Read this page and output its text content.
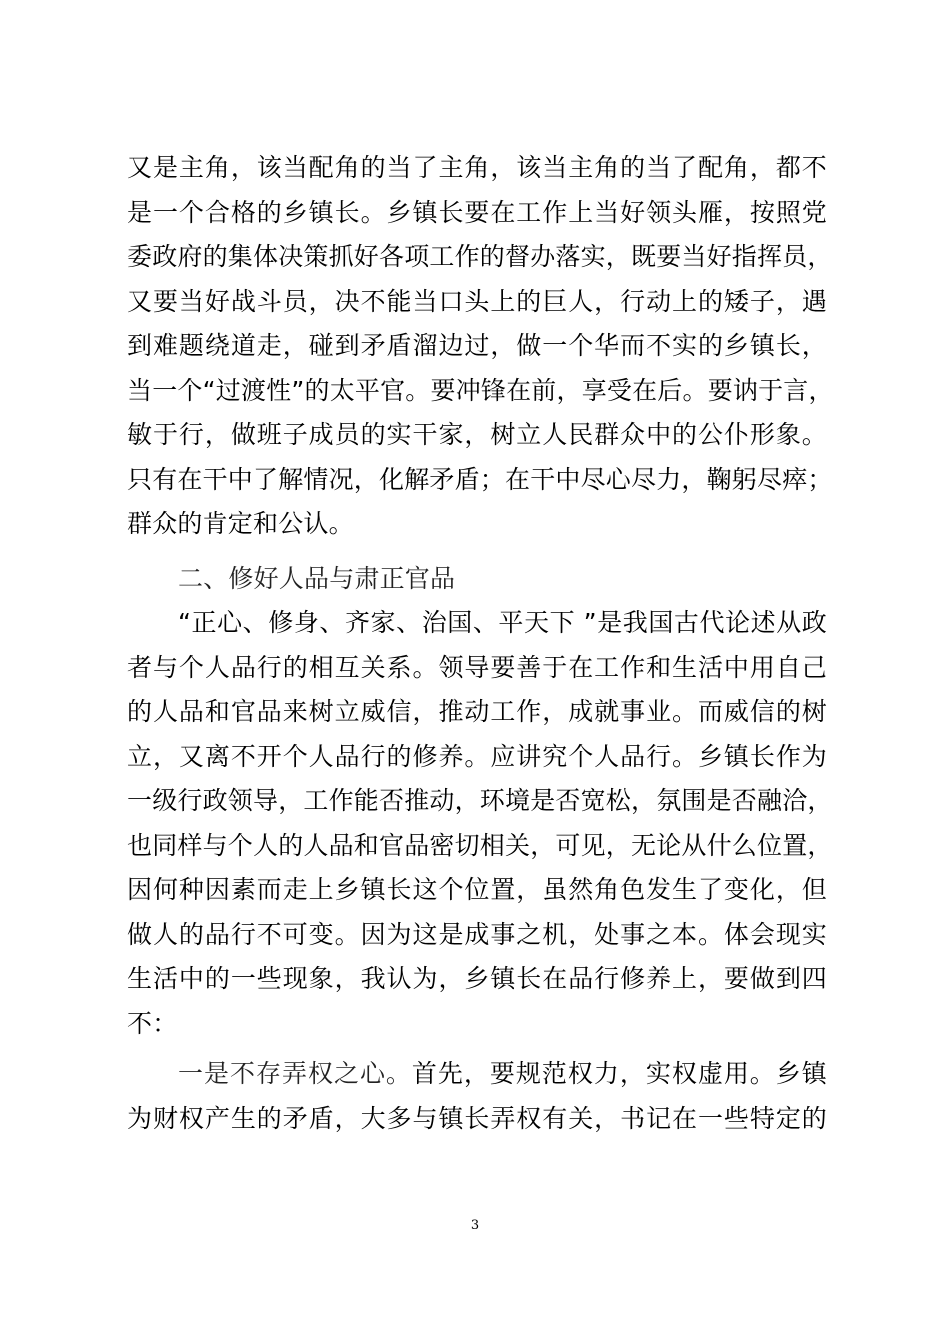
又是主角，该当配角的当了主角，该当主角的当了配角，都不
是一个合格的乡镇长。乡镇长要在工作上当好领头雁，按照党
委政府的集体决策抓好各项工作的督办落实，既要当好指挥员，
又要当好战斗员，决不能当口头上的巨人，行动上的矮子，遇
到难题绕道走，碰到矛盾溜边过，做一个华而不实的乡镇长，
当一个“过渡性”的太平官。要冲锋在前，享受在后。要讷于言，
敏于行，做班子成员的实干家，树立人民群众中的公仆形象。
只有在干中了解情况，化解矛盾；在干中尽心尽力，鞠躬尽瘁；
群众的肯定和公认。
二、修好人品与肃正官品
“正心、修身、齐家、治国、平天下 ”是我国古代论述从政
者与个人品行的相互关系。领导要善于在工作和生活中用自己
的人品和官品来树立威信，推动工作，成就事业。而威信的树
立，又离不开个人品行的修养。应讲究个人品行。乡镇长作为
一级行政领导，工作能否推动，环境是否宽松，氛围是否融洽，
也同样与个人的人品和官品密切相关，可见，无论从什么位置，
因何种因素而走上乡镇长这个位置，虽然角色发生了变化，但
做人的品行不可变。因为这是成事之机，处事之本。体会现实
生活中的一些现象，我认为，乡镇长在品行修养上，要做到四
不：
一是不存弄权之心。首先，要规范权力，实权虚用。乡镇
为财权产生的矛盾，大多与镇长弄权有关，书记在一些特定的
3
